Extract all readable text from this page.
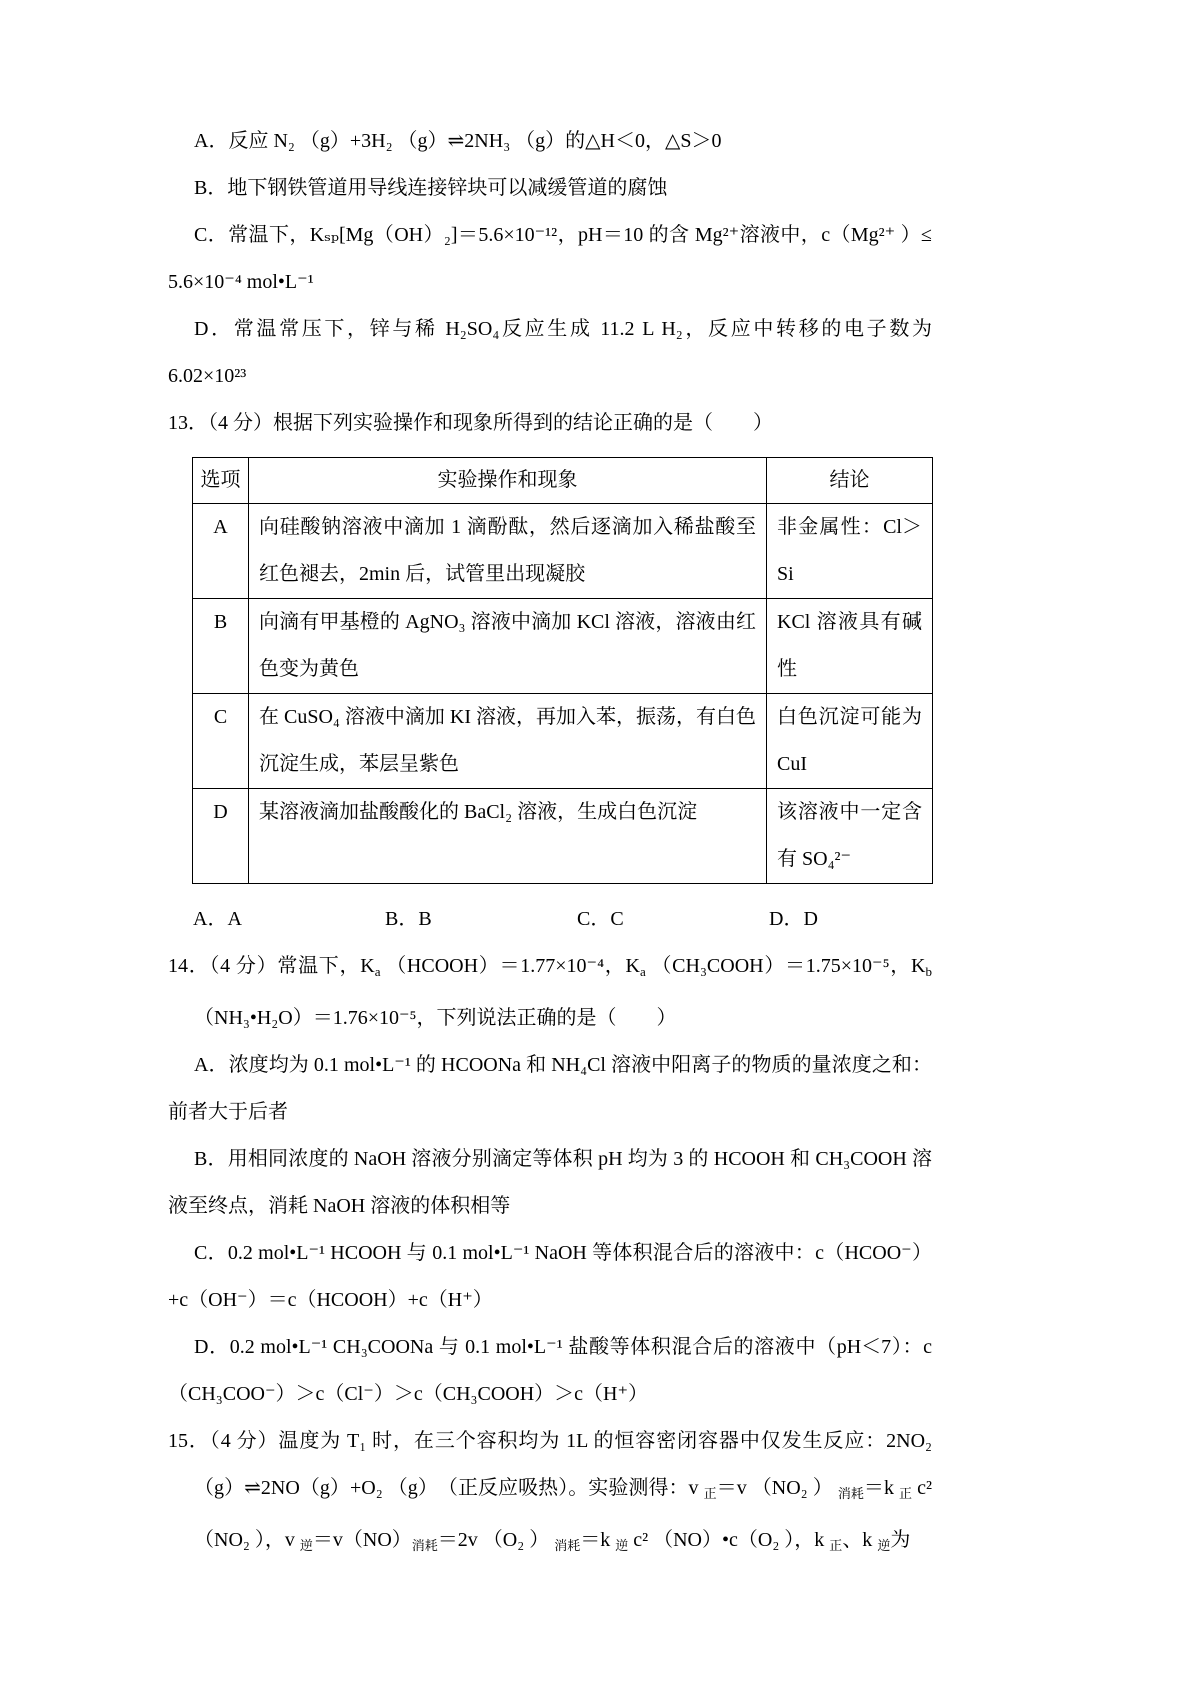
A．反应 N₂ （g）+3H₂ （g）⇌2NH₃ （g）的△H＜0，△S＞0

B．地下钢铁管道用导线连接锌块可以减缓管道的腐蚀

C．常温下，Kₛₚ[Mg（OH）₂]＝5.6×10⁻¹²，pH＝10 的含 Mg²⁺溶液中，c（Mg²⁺ ）≤ 5.6×10⁻⁴ mol•L⁻¹

D．常温常压下，锌与稀 H₂SO₄反应生成 11.2 L H₂，反应中转移的电子数为 6.02×10²³

13．（4 分）根据下列实验操作和现象所得到的结论正确的是（　　）

选项	实验操作和现象	结论
A	向硅酸钠溶液中滴加 1 滴酚酞，然后逐滴加入稀盐酸至红色褪去，2min 后，试管里出现凝胶	非金属性：Cl＞Si
B	向滴有甲基橙的 AgNO₃ 溶液中滴加 KCl 溶液，溶液由红色变为黄色	KCl 溶液具有碱性
C	在 CuSO₄ 溶液中滴加 KI 溶液，再加入苯，振荡，有白色沉淀生成，苯层呈紫色	白色沉淀可能为 CuI
D	某溶液滴加盐酸酸化的 BaCl₂ 溶液，生成白色沉淀	该溶液中一定含有 SO₄²⁻
A．A	B．B	C．C	D．D

14．（4 分）常温下，$K_a$ （HCOOH）＝1.77×10⁻⁴，$K_a$ （CH₃COOH）＝1.75×10⁻⁵，$K_b$ （NH₃•H₂O）＝1.76×10⁻⁵，下列说法正确的是（　　）

A．浓度均为 0.1 mol•L⁻¹ 的 HCOONa 和 NH₄Cl 溶液中阳离子的物质的量浓度之和：前者大于后者

B．用相同浓度的 NaOH 溶液分别滴定等体积 pH 均为 3 的 HCOOH 和 CH₃COOH 溶液至终点，消耗 NaOH 溶液的体积相等

C．0.2 mol•L⁻¹ HCOOH 与 0.1 mol•L⁻¹ NaOH 等体积混合后的溶液中：c（HCOO⁻）+c（OH⁻）＝c（HCOOH）+c（H⁺）

D．0.2 mol•L⁻¹ CH₃COONa 与 0.1 mol•L⁻¹ 盐酸等体积混合后的溶液中（pH＜7）：c（CH₃COO⁻）＞c（Cl⁻）＞c（CH₃COOH）＞c（H⁺）

15．（4 分）温度为 T₁ 时，在三个容积均为 1L 的恒容密闭容器中仅发生反应：2NO₂（g）⇌2NO（g）+O₂ （g）　（正反应吸热）。实验测得：v $_正$＝v （NO₂ ） $_{消耗}$＝k $_正$ c²（NO₂ ），v $_逆=v(NO)_{消耗}=2v$ （O₂ ） $_{消耗}$＝k $_逆$ c² （NO）•c（O₂ ），k $_正$、k $_逆$为
